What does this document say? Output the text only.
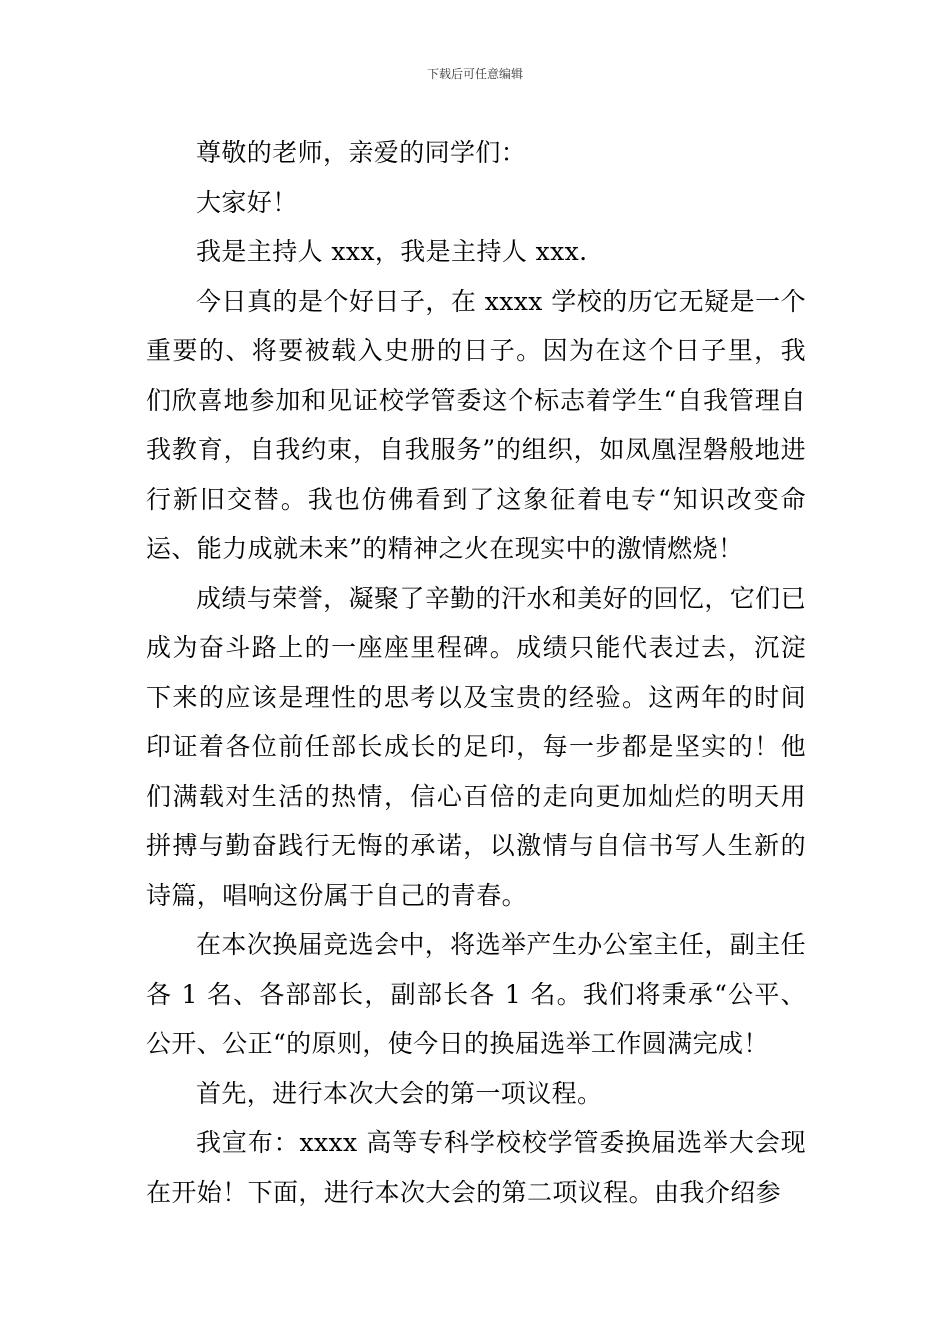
下载后可任意编辑

尊敬的老师，亲爱的同学们：

大家好！

我是主持人 xxx，我是主持人 xxx.

今日真的是个好日子，在 xxxx 学校的历它无疑是一个重要的、将要被载入史册的日子。因为在这个日子里，我们欣喜地参加和见证校学管委这个标志着学生“自我管理自我教育，自我约束，自我服务”的组织，如凤凰涅磐般地进行新旧交替。我也仿佛看到了这象征着电专“知识改变命运、能力成就未来”的精神之火在现实中的激情燃烧！

成绩与荣誉，凝聚了辛勤的汗水和美好的回忆，它们已成为奋斗路上的一座座里程碑。成绩只能代表过去，沉淀下来的应该是理性的思考以及宝贵的经验。这两年的时间印证着各位前任部长成长的足印，每一步都是坚实的！他们满载对生活的热情，信心百倍的走向更加灿烂的明天用拼搏与勤奋践行无悔的承诺，以激情与自信书写人生新的诗篇，唱响这份属于自己的青春。

在本次换届竞选会中，将选举产生办公室主任，副主任各 1 名、各部部长，副部长各 1 名。我们将秉承“公平、公开、公正“的原则，使今日的换届选举工作圆满完成！

首先，进行本次大会的第一项议程。

我宣布：xxxx 高等专科学校校学管委换届选举大会现在开始！下面，进行本次大会的第二项议程。由我介绍参
